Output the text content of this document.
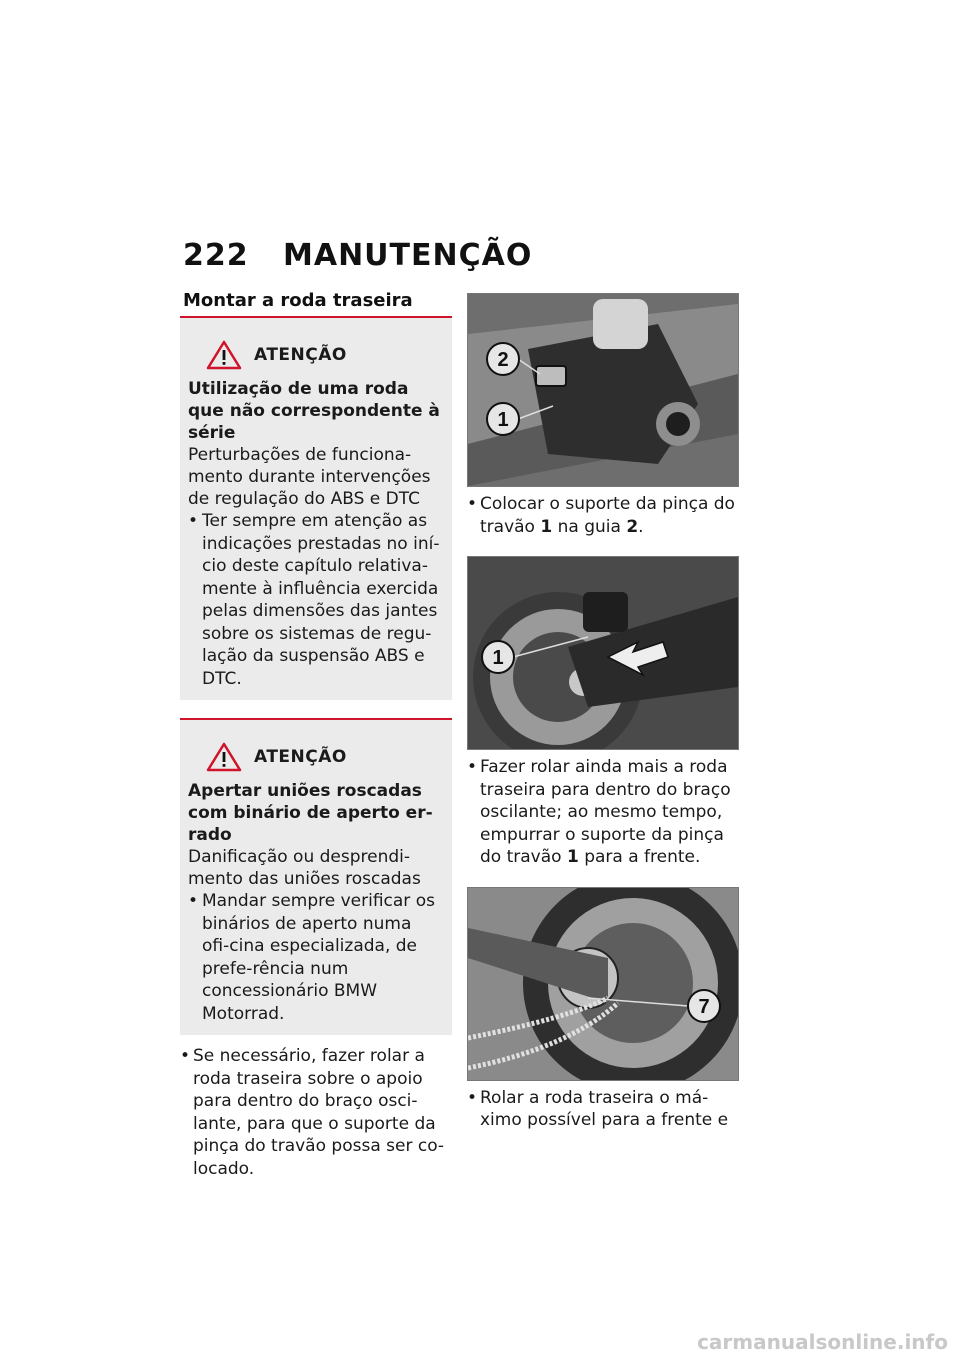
222 MANUTENÇÃO
Montar a roda traseira
ATENÇÃO
Utilização de uma roda que não correspondente à série
Perturbações de funciona-mento durante intervenções de regulação do ABS e DTC
• Ter sempre em atenção as indicações prestadas no iní-cio deste capítulo relativa-mente à influência exercida pelas dimensões das jantes sobre os sistemas de regu-lação da suspensão ABS e DTC.
ATENÇÃO
Apertar uniões roscadas com binário de aperto er-rado
Danificação ou desprendi-mento das uniões roscadas
• Mandar sempre verificar os binários de aperto numa ofi-cina especializada, de prefe-rência num concessionário BMW Motorrad.
• Se necessário, fazer rolar a roda traseira sobre o apoio para dentro do braço osci-lante, para que o suporte da pinça do travão possa ser co-locado.
2
1
• Colocar o suporte da pinça do travão 1 na guia 2.
1
• Fazer rolar ainda mais a roda traseira para dentro do braço oscilante; ao mesmo tempo, empurrar o suporte da pinça do travão 1 para a frente.
7
• Rolar a roda traseira o má-ximo possível para a frente e
carmanualsonline.info
